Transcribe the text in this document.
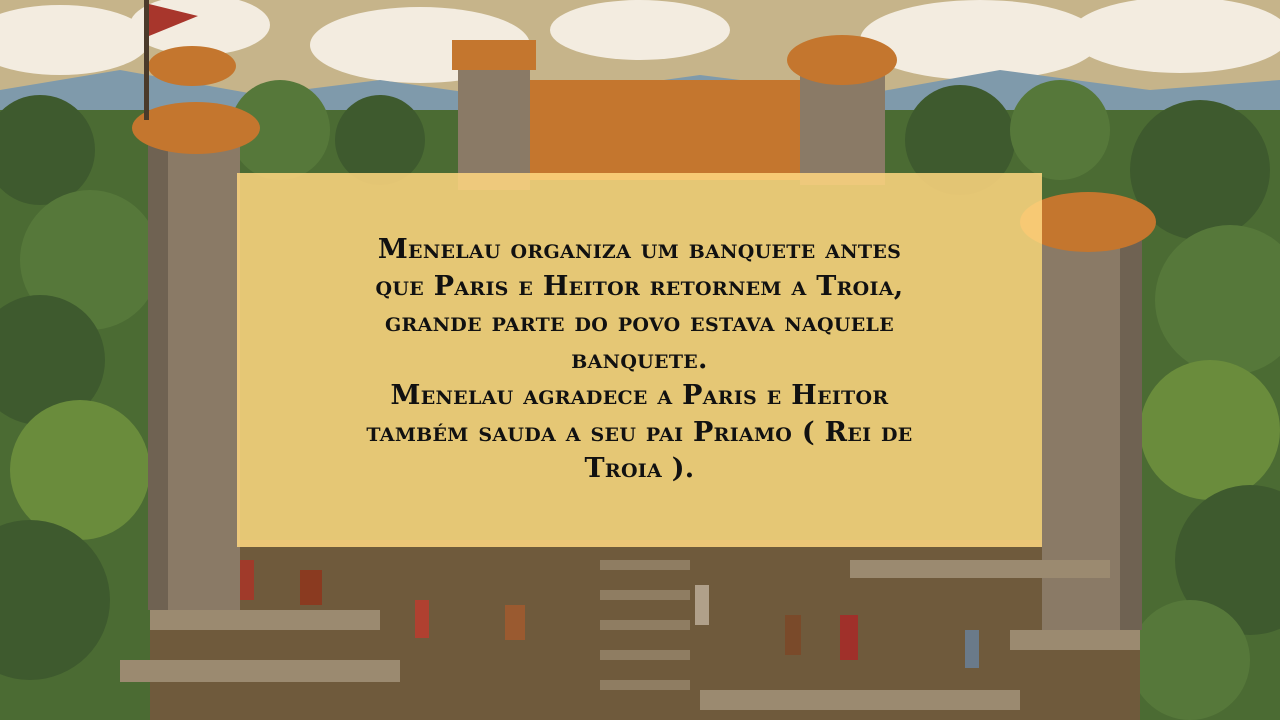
Menelau organiza um banquete antes
que Paris e Heitor retornem a Troia,
grande parte do povo estava naquele
banquete.
Menelau agradece a Paris e Heitor
também sauda a seu pai Priamo ( Rei de
Troia ).
